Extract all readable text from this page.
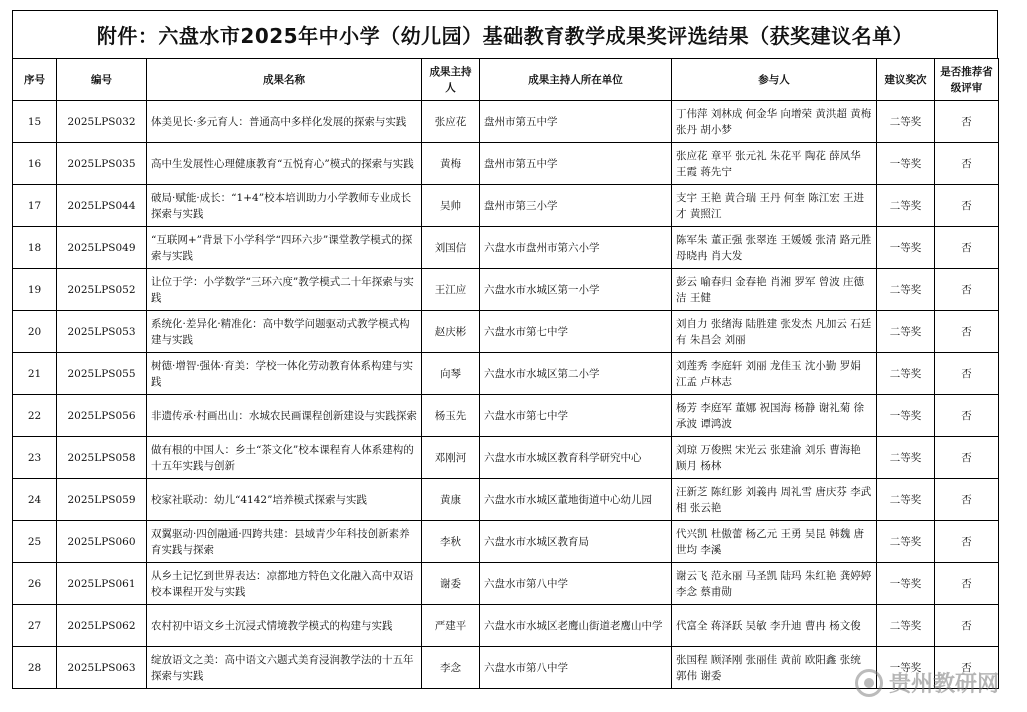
附件：六盘水市2025年中小学（幼儿园）基础教育教学成果奖评选结果（获奖建议名单）
序号	编号	成果名称	成果主持人	成果主持人所在单位	参与人	建议奖次	是否推荐省级评审
15	2025LPS032	体美见长·多元育人：普通高中多样化发展的探索与实践	张应花	盘州市第五中学	丁伟萍 刘林成 何金华 向增荣 黄洪超 黄梅 张丹 胡小梦	二等奖	否
16	2025LPS035	高中生发展性心理健康教育“五悦育心”模式的探索与实践	黄梅	盘州市第五中学	张应花 章平 张元礼 朱花平 陶花 薛凤华 王霞 蒋先宁	一等奖	否
17	2025LPS044	破局·赋能·成长：“1+4”校本培训助力小学教师专业成长探索与实践	吴帅	盘州市第三小学	支宇 王艳 黄合瑞 王丹 何奎 陈江宏 王进才 黄照江	二等奖	否
18	2025LPS049	“互联网+”背景下小学科学“四环六步”课堂教学模式的探索与实践	刘国信	六盘水市盘州市第六小学	陈军朱 董正强 张翠连 王媛媛 张清 路元胜 母晓冉 肖大发	一等奖	否
19	2025LPS052	让位于学：小学数学“三环六度”教学模式二十年探索与实践	王江应	六盘水市水城区第一小学	彭云 喻春归 金春艳 肖湘 罗军 曾波 庄德洁 王健	二等奖	否
20	2025LPS053	系统化·差异化·精准化：高中数学问题驱动式教学模式构建与实践	赵庆彬	六盘水市第七中学	刘自力 张绪海 陆胜建 张发杰 凡加云 石廷有 朱昌会 刘丽	二等奖	否
21	2025LPS055	树德·增智·强体·育美：学校一体化劳动教育体系构建与实践	向琴	六盘水市水城区第二小学	刘莲秀 李庭轩 刘丽 龙佳玉 沈小勤 罗娟 江孟 卢林志	二等奖	否
22	2025LPS056	非遗传承·村画出山：水城农民画课程创新建设与实践探索	杨玉先	六盘水市第七中学	杨芳 李庭军 董娜 祝国海 杨静 谢礼菊 徐承波 谭鸿波	一等奖	否
23	2025LPS058	做有根的中国人：乡土“茶文化”校本课程育人体系建构的十五年实践与创新	邓刚河	六盘水市水城区教育科学研究中心	刘琼 万俊熙 宋光云 张建渝 刘乐 曹海艳 顾月 杨林	二等奖	否
24	2025LPS059	校家社联动：幼儿“4142”培养模式探索与实践	黄康	六盘水市水城区董地街道中心幼儿园	汪新芝 陈红影 刘義冉 周礼雪 唐庆芬 李武相 张云艳	二等奖	否
25	2025LPS060	双翼驱动·四创融通·四跨共建：县域青少年科技创新素养育实践与探索	李秋	六盘水市水城区教育局	代兴凯 杜傲蕾 杨乙元 王勇 吴昆 韩魏 唐世均 李溪	二等奖	否
26	2025LPS061	从乡土记忆到世界表达：凉都地方特色文化融入高中双语校本课程开发与实践	谢委	六盘水市第八中学	谢云飞 范永丽 马圣凯 陆玛 朱红艳 龚婷婷 李念 蔡甫勋	一等奖	否
27	2025LPS062	农村初中语文乡土沉浸式情境教学模式的构建与实践	严建平	六盘水市水城区老鹰山街道老鹰山中学	代富全 蒋泽跃 吴敏 李升迪 曹冉 杨文俊	二等奖	否
28	2025LPS063	绽放语文之美：高中语文六题式美育浸润教学法的十五年探索与实践	李念	六盘水市第八中学	张国程 顾泽刚 张丽佳 黄前 欧阳鑫 张统 郭伟 谢委	一等奖	否
贵州教研网
